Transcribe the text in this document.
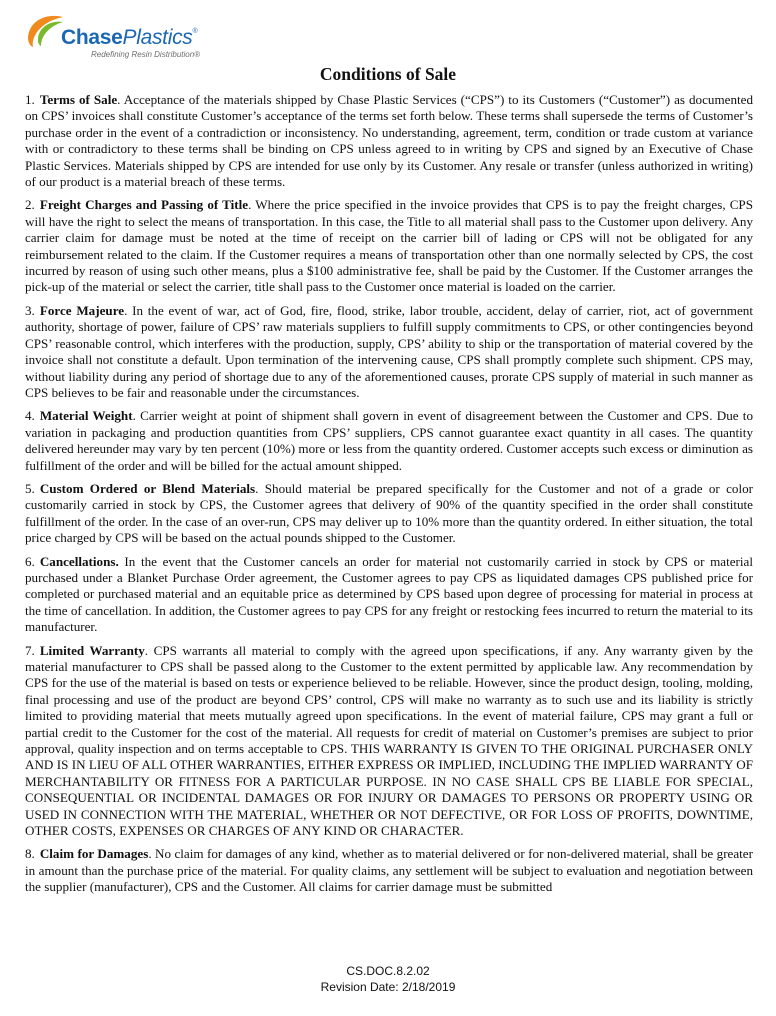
ChasePlastics®
Redefining Resin Distribution®
Conditions of Sale

1. Terms of Sale. Acceptance of the materials shipped by Chase Plastic Services (“CPS”) to its Customers (“Customer”) as documented on CPS’ invoices shall constitute Customer’s acceptance of the terms set forth below. These terms shall supersede the terms of Customer’s purchase order in the event of a contradiction or inconsistency. No understanding, agreement, term, condition or trade custom at variance with or contradictory to these terms shall be binding on CPS unless agreed to in writing by CPS and signed by an Executive of Chase Plastic Services. Materials shipped by CPS are intended for use only by its Customer. Any resale or transfer (unless authorized in writing) of our product is a material breach of these terms.

2. Freight Charges and Passing of Title. Where the price specified in the invoice provides that CPS is to pay the freight charges, CPS will have the right to select the means of transportation. In this case, the Title to all material shall pass to the Customer upon delivery. Any carrier claim for damage must be noted at the time of receipt on the carrier bill of lading or CPS will not be obligated for any reimbursement related to the claim. If the Customer requires a means of transportation other than one normally selected by CPS, the cost incurred by reason of using such other means, plus a $100 administrative fee, shall be paid by the Customer. If the Customer arranges the pick-up of the material or select the carrier, title shall pass to the Customer once material is loaded on the carrier.

3. Force Majeure. In the event of war, act of God, fire, flood, strike, labor trouble, accident, delay of carrier, riot, act of government authority, shortage of power, failure of CPS’ raw materials suppliers to fulfill supply commitments to CPS, or other contingencies beyond CPS’ reasonable control, which interferes with the production, supply, CPS’ ability to ship or the transportation of material covered by the invoice shall not constitute a default. Upon termination of the intervening cause, CPS shall promptly complete such shipment. CPS may, without liability during any period of shortage due to any of the aforementioned causes, prorate CPS supply of material in such manner as CPS believes to be fair and reasonable under the circumstances.

4. Material Weight. Carrier weight at point of shipment shall govern in event of disagreement between the Customer and CPS. Due to variation in packaging and production quantities from CPS’ suppliers, CPS cannot guarantee exact quantity in all cases. The quantity delivered hereunder may vary by ten percent (10%) more or less from the quantity ordered. Customer accepts such excess or diminution as fulfillment of the order and will be billed for the actual amount shipped.

5. Custom Ordered or Blend Materials. Should material be prepared specifically for the Customer and not of a grade or color customarily carried in stock by CPS, the Customer agrees that delivery of 90% of the quantity specified in the order shall constitute fulfillment of the order. In the case of an over-run, CPS may deliver up to 10% more than the quantity ordered. In either situation, the total price charged by CPS will be based on the actual pounds shipped to the Customer.

6. Cancellations. In the event that the Customer cancels an order for material not customarily carried in stock by CPS or material purchased under a Blanket Purchase Order agreement, the Customer agrees to pay CPS as liquidated damages CPS published price for completed or purchased material and an equitable price as determined by CPS based upon degree of processing for material in process at the time of cancellation. In addition, the Customer agrees to pay CPS for any freight or restocking fees incurred to return the material to its manufacturer.

7. Limited Warranty. CPS warrants all material to comply with the agreed upon specifications, if any. Any warranty given by the material manufacturer to CPS shall be passed along to the Customer to the extent permitted by applicable law. Any recommendation by CPS for the use of the material is based on tests or experience believed to be reliable. However, since the product design, tooling, molding, final processing and use of the product are beyond CPS’ control, CPS will make no warranty as to such use and its liability is strictly limited to providing material that meets mutually agreed upon specifications. In the event of material failure, CPS may grant a full or partial credit to the Customer for the cost of the material. All requests for credit of material on Customer’s premises are subject to prior approval, quality inspection and on terms acceptable to CPS. THIS WARRANTY IS GIVEN TO THE ORIGINAL PURCHASER ONLY AND IS IN LIEU OF ALL OTHER WARRANTIES, EITHER EXPRESS OR IMPLIED, INCLUDING THE IMPLIED WARRANTY OF MERCHANTABILITY OR FITNESS FOR A PARTICULAR PURPOSE. IN NO CASE SHALL CPS BE LIABLE FOR SPECIAL, CONSEQUENTIAL OR INCIDENTAL DAMAGES OR FOR INJURY OR DAMAGES TO PERSONS OR PROPERTY USING OR USED IN CONNECTION WITH THE MATERIAL, WHETHER OR NOT DEFECTIVE, OR FOR LOSS OF PROFITS, DOWNTIME, OTHER COSTS, EXPENSES OR CHARGES OF ANY KIND OR CHARACTER.

8. Claim for Damages. No claim for damages of any kind, whether as to material delivered or for non-delivered material, shall be greater in amount than the purchase price of the material. For quality claims, any settlement will be subject to evaluation and negotiation between the supplier (manufacturer), CPS and the Customer. All claims for carrier damage must be submitted

CS.DOC.8.2.02
Revision Date: 2/18/2019
